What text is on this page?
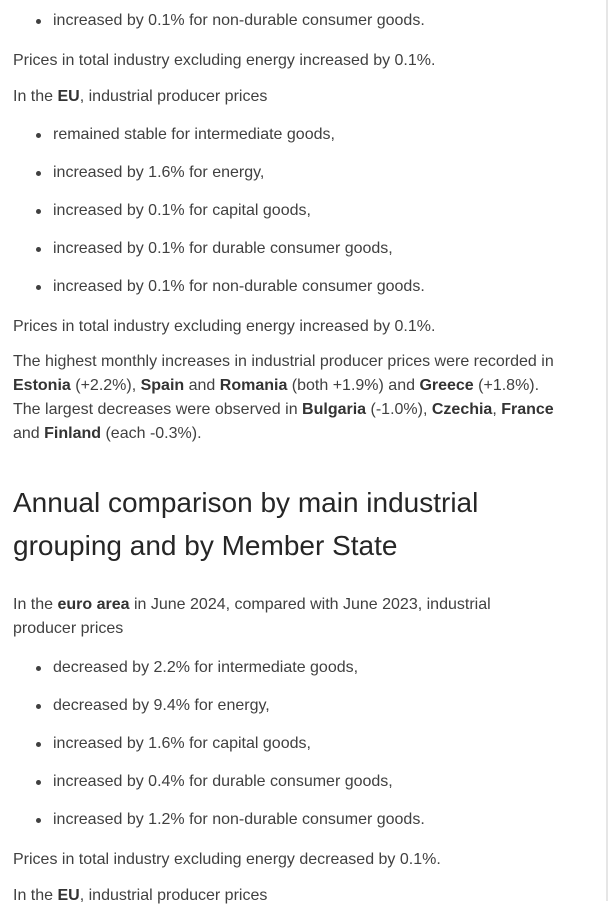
increased by 0.1% for non-durable consumer goods.

Prices in total industry excluding energy increased by 0.1%.

In the EU, industrial producer prices

remained stable for intermediate goods,
increased by 1.6% for energy,
increased by 0.1% for capital goods,
increased by 0.1% for durable consumer goods,
increased by 0.1% for non-durable consumer goods.

Prices in total industry excluding energy increased by 0.1%.

The highest monthly increases in industrial producer prices were recorded in Estonia (+2.2%), Spain and Romania (both +1.9%) and Greece (+1.8%). The largest decreases were observed in Bulgaria (-1.0%), Czechia, France and Finland (each -0.3%).

Annual comparison by main industrial grouping and by Member State

In the euro area in June 2024, compared with June 2023, industrial producer prices

decreased by 2.2% for intermediate goods,
decreased by 9.4% for energy,
increased by 1.6% for capital goods,
increased by 0.4% for durable consumer goods,
increased by 1.2% for non-durable consumer goods.

Prices in total industry excluding energy decreased by 0.1%.

In the EU, industrial producer prices
